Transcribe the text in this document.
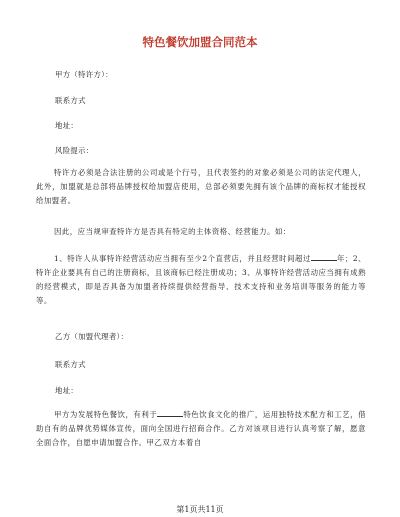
特色餐饮加盟合同范本
甲方（特许方）：
联系方式
地址：
风险提示：
特许方必须是合法注册的公司或是个行号，且代表签约的对象必须是公司的法定代理人，此外，加盟就是总部将品牌授权给加盟店使用，总部必须要先拥有该个品牌的商标权才能授权给加盟者。
因此，应当规审查特许方是否具有特定的主体资格、经营能力。如：
1、特许人从事特许经营活动应当拥有至少2个直营店，并且经营时间超过	年；2、特许企业要具有自己的注册商标，且该商标已经注册成功；3、从事特许经营活动应当拥有成熟的经营模式，即是否具备为加盟者持续提供经营指导、技术支持和业务培训等服务的能力等等。
乙方（加盟代理者）：
联系方式
地址：
甲方为发展特色餐饮，有利于	特色饮食文化的推广，运用独特技术配方和工艺，借助自有的品牌优势媒体宣传，面向全国进行招商合作。乙方对该项目进行认真考察了解，愿意全面合作，自愿申请加盟合作。甲乙双方本着自
第1页共11页
